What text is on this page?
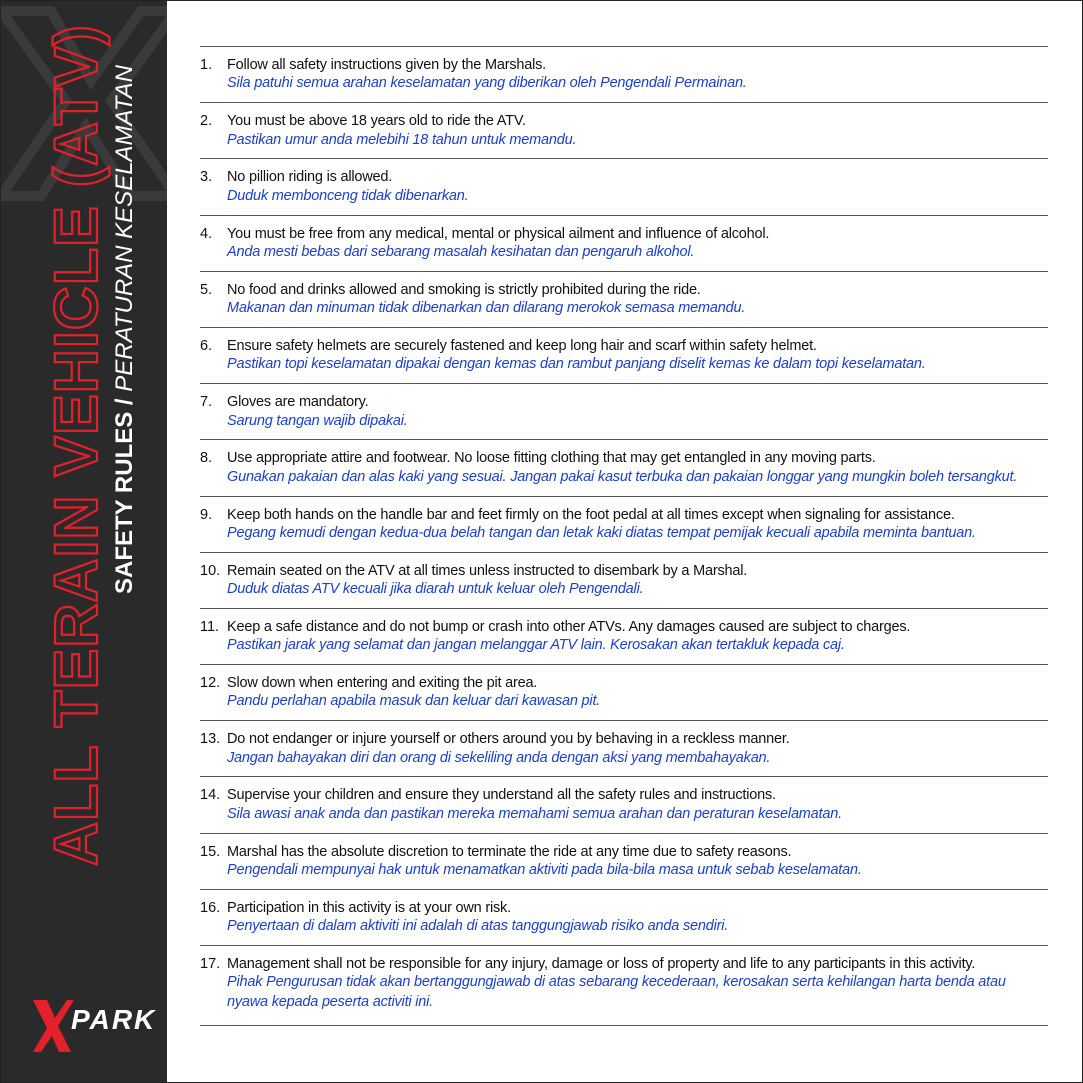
ALL TERAIN VEHICLE (ATV) SAFETY RULES / PERATURAN KESELAMATAN
PARK
1.	Follow all safety instructions given by the Marshals.
Sila patuhi semua arahan keselamatan yang diberikan oleh Pengendali Permainan.
2.	You must be above 18 years old to ride the ATV.
Pastikan umur anda melebihi 18 tahun untuk memandu.
3.	No pillion riding is allowed.
Duduk membonceng tidak dibenarkan.
4.	You must be free from any medical, mental or physical ailment and influence of alcohol.
Anda mesti bebas dari sebarang masalah kesihatan dan pengaruh alkohol.
5.	No food and drinks allowed and smoking is strictly prohibited during the ride.
Makanan dan minuman tidak dibenarkan dan dilarang merokok semasa memandu.
6.	Ensure safety helmets are securely fastened and keep long hair and scarf within safety helmet.
Pastikan topi keselamatan dipakai dengan kemas dan rambut panjang diselit kemas ke dalam topi keselamatan.
7.	Gloves are mandatory.
Sarung tangan wajib dipakai.
8.	Use appropriate attire and footwear. No loose fitting clothing that may get entangled in any moving parts.
Gunakan pakaian dan alas kaki yang sesuai. Jangan pakai kasut terbuka dan pakaian longgar yang mungkin boleh tersangkut.
9.	Keep both hands on the handle bar and feet firmly on the foot pedal at all times except when signaling for assistance.
Pegang kemudi dengan kedua-dua belah tangan dan letak kaki diatas tempat pemijak kecuali apabila meminta bantuan.
10. Remain seated on the ATV at all times unless instructed to disembark by a Marshal.
Duduk diatas ATV kecuali jika diarah untuk keluar oleh Pengendali.
11. Keep a safe distance and do not bump or crash into other ATVs. Any damages caused are subject to charges.
Pastikan jarak yang selamat dan jangan melanggar ATV lain. Kerosakan akan tertakluk kepada caj.
12. Slow down when entering and exiting the pit area.
Pandu perlahan apabila masuk dan keluar dari kawasan pit.
13. Do not endanger or injure yourself or others around you by behaving in a reckless manner.
Jangan bahayakan diri dan orang di sekeliling anda dengan aksi yang membahayakan.
14. Supervise your children and ensure they understand all the safety rules and instructions.
Sila awasi anak anda dan pastikan mereka memahami semua arahan dan peraturan keselamatan.
15. Marshal has the absolute discretion to terminate the ride at any time due to safety reasons.
Pengendali mempunyai hak untuk menamatkan aktiviti pada bila-bila masa untuk sebab keselamatan.
16. Participation in this activity is at your own risk.
Penyertaan di dalam aktiviti ini adalah di atas tanggungjawab risiko anda sendiri.
17. Management shall not be responsible for any injury, damage or loss of property and life to any participants in this activity.
Pihak Pengurusan tidak akan bertanggungjawab di atas sebarang kecederaan, kerosakan serta kehilangan harta benda atau nyawa kepada peserta activiti ini.
